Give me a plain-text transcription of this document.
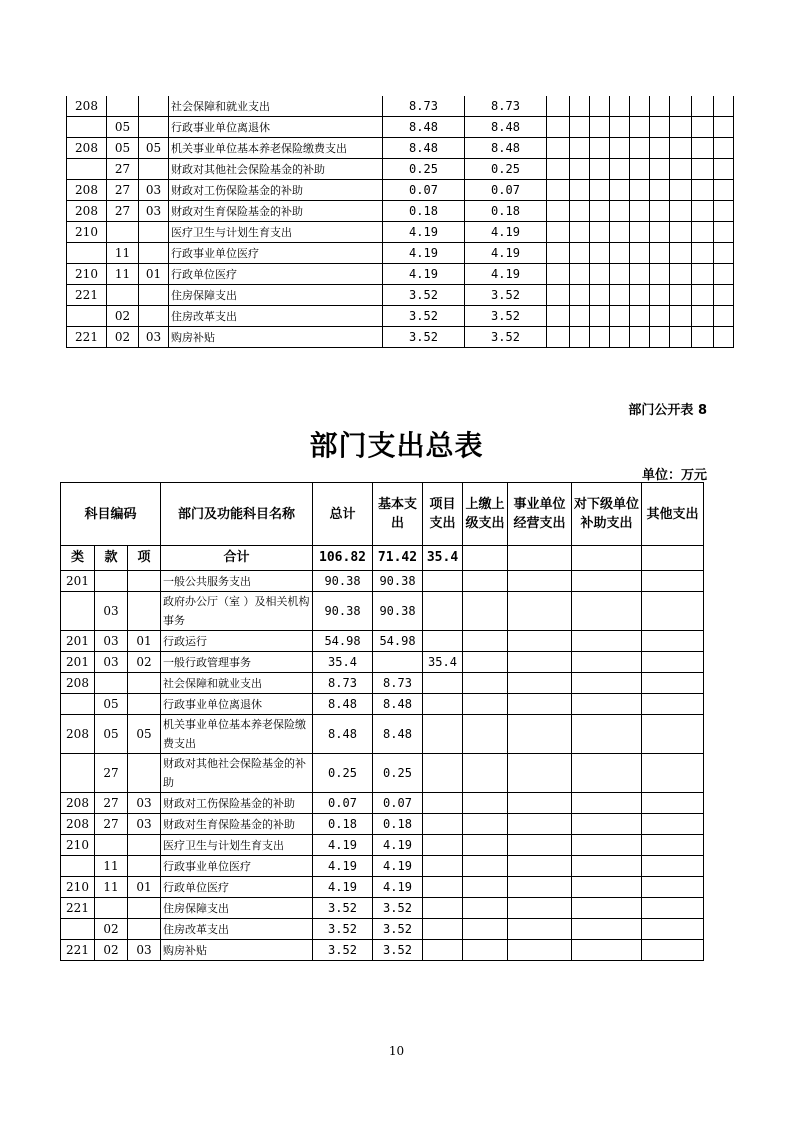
208			社会保障和就业支出	8.73	8.73									
	05		行政事业单位离退休	8.48	8.48									
208	05	05	机关事业单位基本养老保险缴费支出	8.48	8.48									
	27		财政对其他社会保险基金的补助	0.25	0.25									
208	27	03	财政对工伤保险基金的补助	0.07	0.07									
208	27	03	财政对生育保险基金的补助	0.18	0.18									
210			医疗卫生与计划生育支出	4.19	4.19									
	11		行政事业单位医疗	4.19	4.19									
210	11	01	行政单位医疗	4.19	4.19									
221			住房保障支出	3.52	3.52									
	02		住房改革支出	3.52	3.52									
221	02	03	购房补贴	3.52	3.52									
部门公开表 8
部门支出总表
单位：万元
科目编码			部门及功能科目名称	总计	基本支出	项目支出	上缴上级支出	事业单位经营支出	对下级单位补助支出	其他支出
类	款	项	合计	106.82	71.42	35.4				
201			一般公共服务支出	90.38	90.38					
	03		政府办公厅（室 ）及相关机构事务	90.38	90.38					
201	03	01	行政运行	54.98	54.98					
201	03	02	一般行政管理事务	35.4		35.4				
208			社会保障和就业支出	8.73	8.73					
	05		行政事业单位离退休	8.48	8.48					
208	05	05	机关事业单位基本养老保险缴费支出	8.48	8.48					
	27		财政对其他社会保险基金的补助	0.25	0.25					
208	27	03	财政对工伤保险基金的补助	0.07	0.07					
208	27	03	财政对生育保险基金的补助	0.18	0.18					
210			医疗卫生与计划生育支出	4.19	4.19					
	11		行政事业单位医疗	4.19	4.19					
210	11	01	行政单位医疗	4.19	4.19					
221			住房保障支出	3.52	3.52					
	02		住房改革支出	3.52	3.52					
221	02	03	购房补贴	3.52	3.52					
10
